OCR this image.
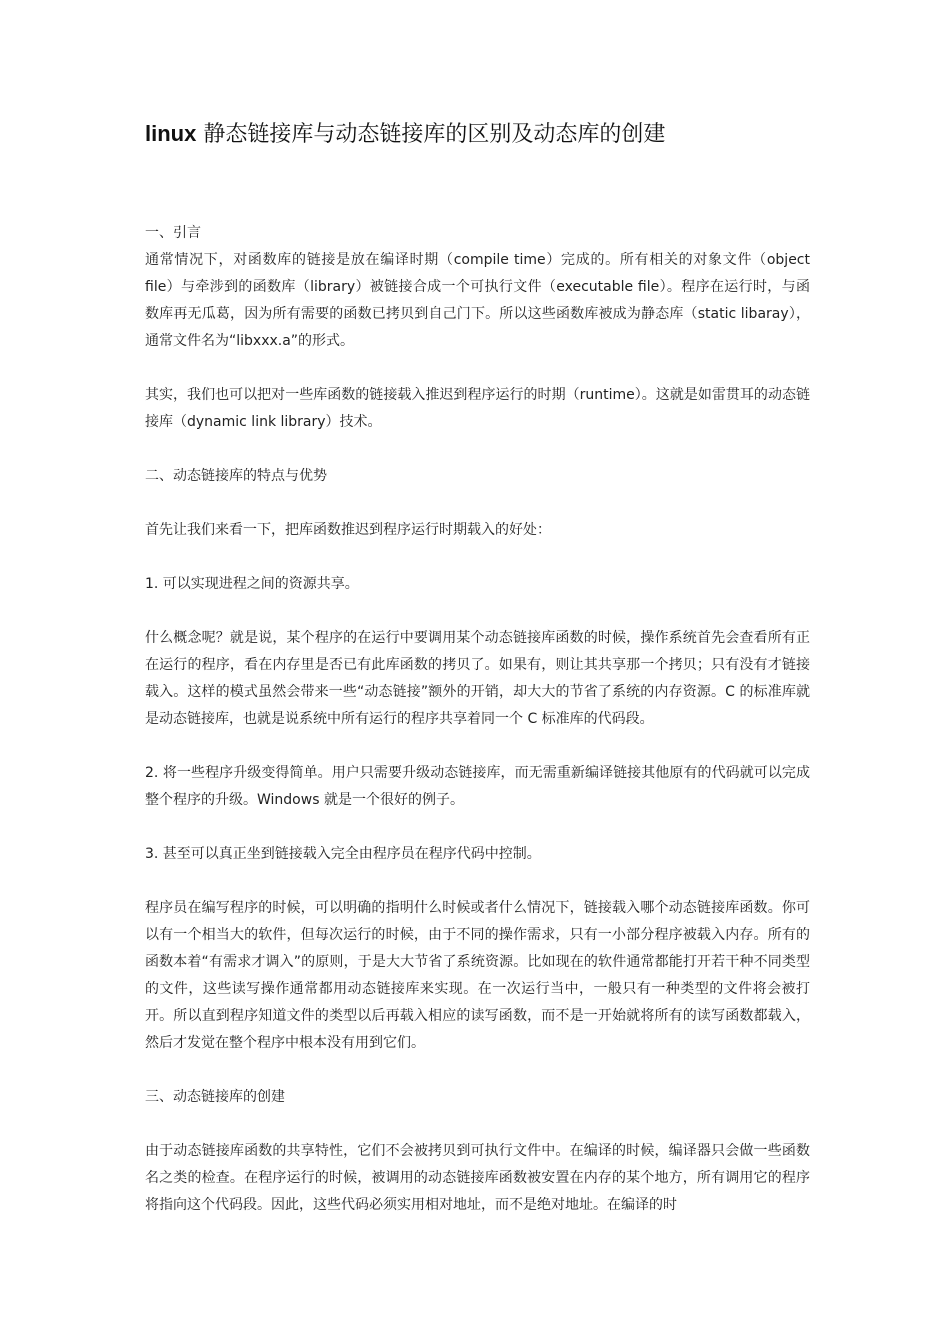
linux 静态链接库与动态链接库的区别及动态库的创建
一、引言
通常情况下，对函数库的链接是放在编译时期（compile time）完成的。所有相关的对象文件（object file）与牵涉到的函数库（library）被链接合成一个可执行文件（executable file）。程序在运行时，与函数库再无瓜葛，因为所有需要的函数已拷贝到自己门下。所以这些函数库被成为静态库（static libaray），通常文件名为“libxxx.a”的形式。
其实，我们也可以把对一些库函数的链接载入推迟到程序运行的时期（runtime）。这就是如雷贯耳的动态链接库（dynamic link library）技术。
二、动态链接库的特点与优势
首先让我们来看一下，把库函数推迟到程序运行时期载入的好处：
1. 可以实现进程之间的资源共享。
什么概念呢？就是说，某个程序的在运行中要调用某个动态链接库函数的时候，操作系统首先会查看所有正在运行的程序，看在内存里是否已有此库函数的拷贝了。如果有，则让其共享那一个拷贝；只有没有才链接载入。这样的模式虽然会带来一些“动态链接”额外的开销，却大大的节省了系统的内存资源。C 的标准库就是动态链接库，也就是说系统中所有运行的程序共享着同一个 C 标准库的代码段。
2. 将一些程序升级变得简单。用户只需要升级动态链接库，而无需重新编译链接其他原有的代码就可以完成整个程序的升级。Windows 就是一个很好的例子。
3. 甚至可以真正坐到链接载入完全由程序员在程序代码中控制。
程序员在编写程序的时候，可以明确的指明什么时候或者什么情况下，链接载入哪个动态链接库函数。你可以有一个相当大的软件，但每次运行的时候，由于不同的操作需求，只有一小部分程序被载入内存。所有的函数本着“有需求才调入”的原则，于是大大节省了系统资源。比如现在的软件通常都能打开若干种不同类型的文件，这些读写操作通常都用动态链接库来实现。在一次运行当中，一般只有一种类型的文件将会被打开。所以直到程序知道文件的类型以后再载入相应的读写函数，而不是一开始就将所有的读写函数都载入，然后才发觉在整个程序中根本没有用到它们。
三、动态链接库的创建
由于动态链接库函数的共享特性，它们不会被拷贝到可执行文件中。在编译的时候，编译器只会做一些函数名之类的检查。在程序运行的时候，被调用的动态链接库函数被安置在内存的某个地方，所有调用它的程序将指向这个代码段。因此，这些代码必须实用相对地址，而不是绝对地址。在编译的时
